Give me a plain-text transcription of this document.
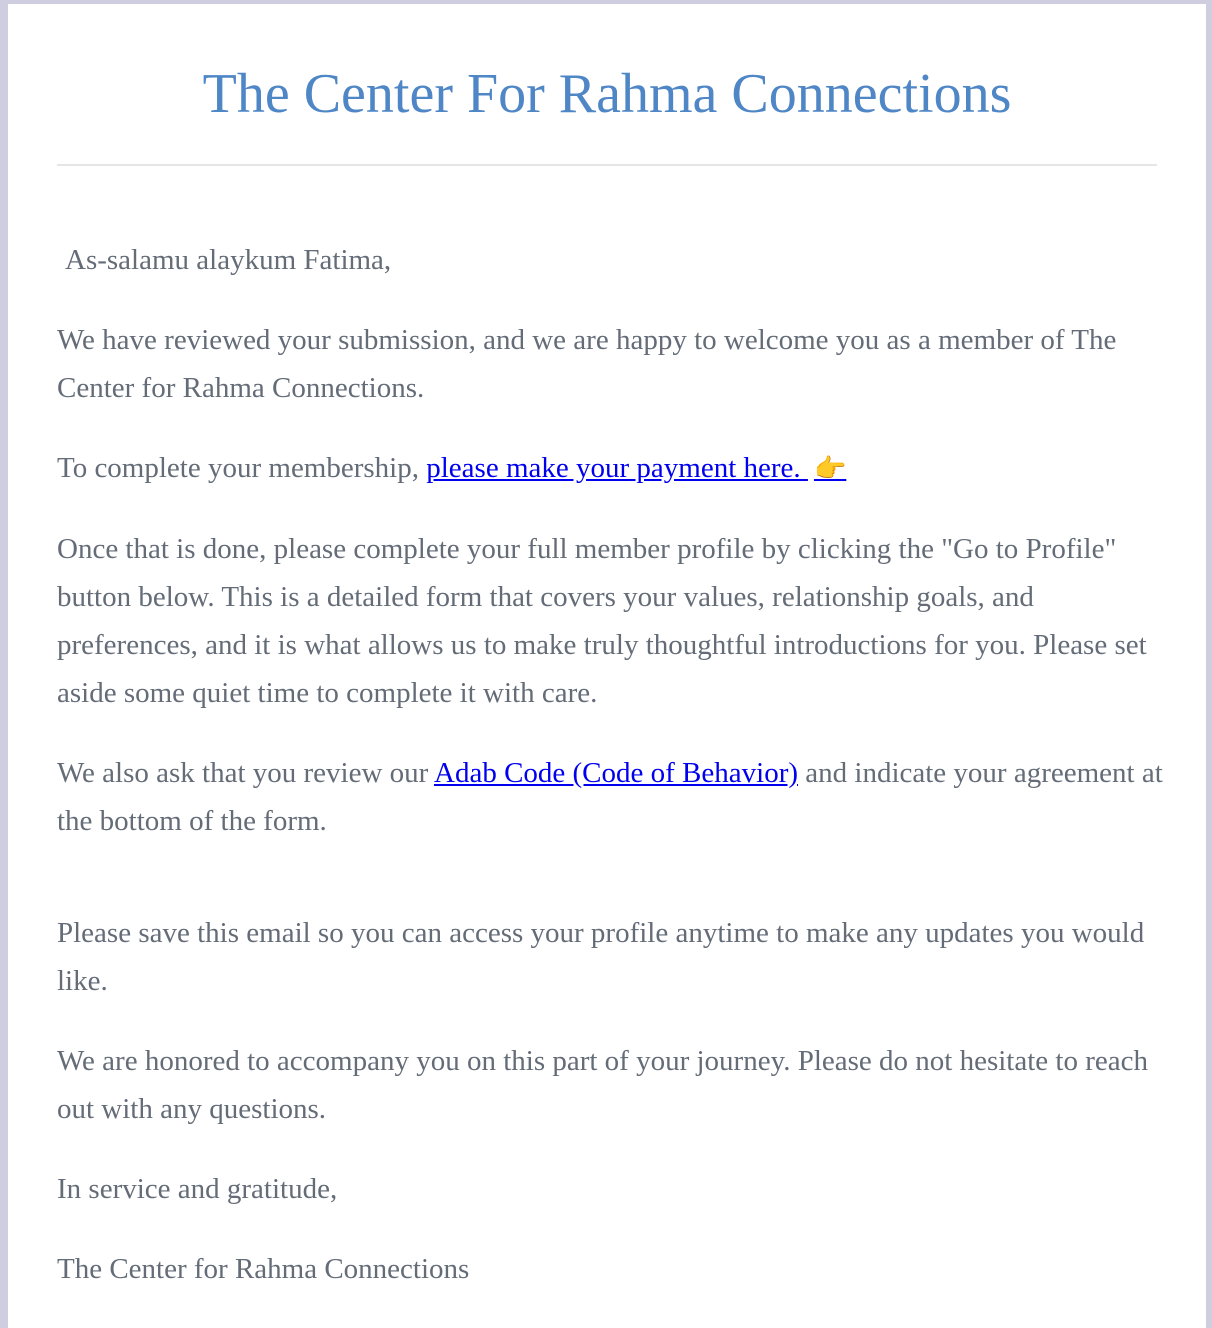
The Center For Rahma Connections

As-salamu alaykum Fatima,

We have reviewed your submission, and we are happy to welcome you as a member of The Center for Rahma Connections.

To complete your membership, please make your payment here. 👉

Once that is done, please complete your full member profile by clicking the "Go to Profile" button below. This is a detailed form that covers your values, relationship goals, and preferences, and it is what allows us to make truly thoughtful introductions for you. Please set aside some quiet time to complete it with care.

We also ask that you review our Adab Code (Code of Behavior) and indicate your agreement at the bottom of the form.

Please save this email so you can access your profile anytime to make any updates you would like.

We are honored to accompany you on this part of your journey. Please do not hesitate to reach out with any questions.

In service and gratitude,

The Center for Rahma Connections
